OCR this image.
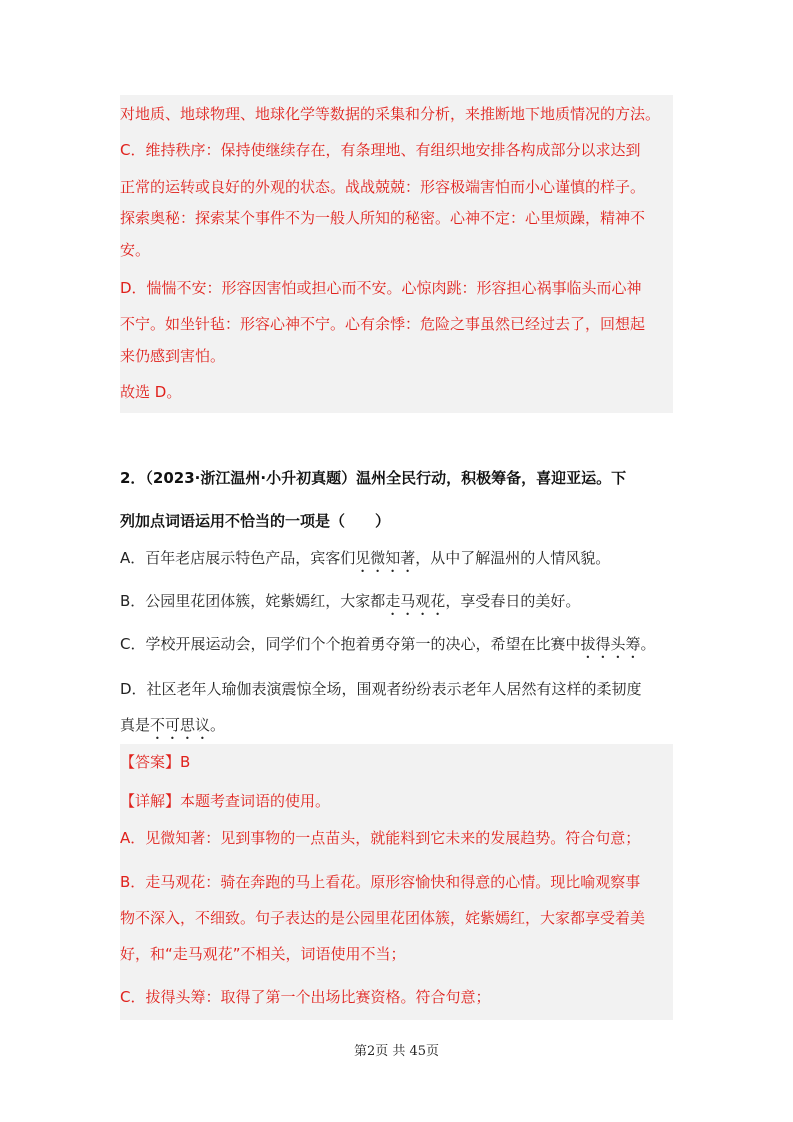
对地质、地球物理、地球化学等数据的采集和分析，来推断地下地质情况的方法。
C．维持秩序：保持使继续存在，有条理地、有组织地安排各构成部分以求达到
正常的运转或良好的外观的状态。战战兢兢：形容极端害怕而小心谨慎的样子。
探索奥秘：探索某个事件不为一般人所知的秘密。心神不定：心里烦躁，精神不
安。
D．惴惴不安：形容因害怕或担心而不安。心惊肉跳：形容担心祸事临头而心神
不宁。如坐针毡：形容心神不宁。心有余悸：危险之事虽然已经过去了，回想起
来仍感到害怕。
故选 D。
2．（2023·浙江温州·小升初真题）温州全民行动，积极筹备，喜迎亚运。下
列加点词语运用不恰当的一项是（　　）
A．百年老店展示特色产品，宾客们见微知著，从中了解温州的人情风貌。
B．公园里花团体簇，姹紫嫣红，大家都走马观花，享受春日的美好。
C．学校开展运动会，同学们个个抱着勇夺第一的决心，希望在比赛中拔得头筹。
D．社区老年人瑜伽表演震惊全场，围观者纷纷表示老年人居然有这样的柔韧度
真是不可思议。
【答案】B
【详解】本题考查词语的使用。
A．见微知著：见到事物的一点苗头，就能料到它未来的发展趋势。符合句意；
B．走马观花：骑在奔跑的马上看花。原形容愉快和得意的心情。现比喻观察事
物不深入，不细致。句子表达的是公园里花团体簇，姹紫嫣红，大家都享受着美
好，和“走马观花”不相关，词语使用不当；
C．拔得头筹：取得了第一个出场比赛资格。符合句意；
第2页 共 45页
